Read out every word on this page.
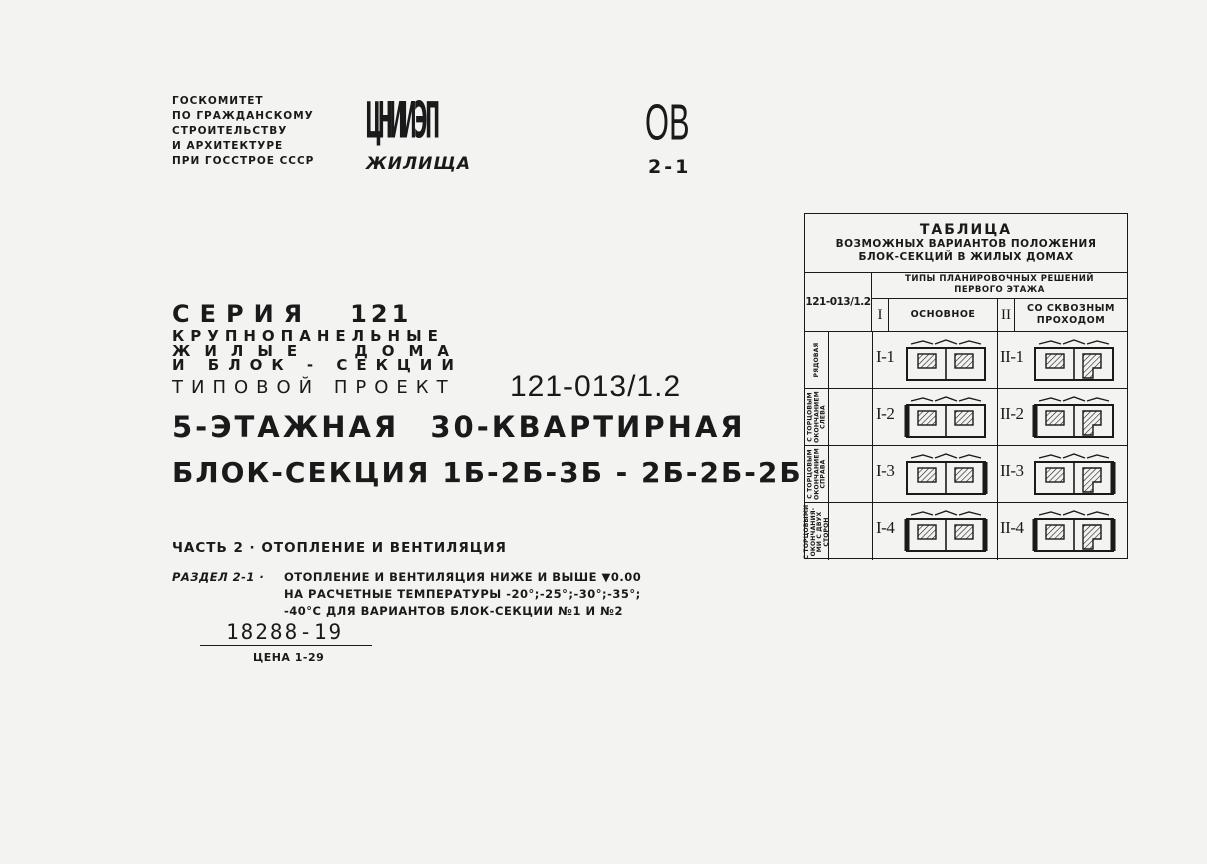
ГОСКОМИТЕТ
ПО ГРАЖДАНСКОМУ
СТРОИТЕЛЬСТВУ
И АРХИТЕКТУРЕ
ПРИ ГОССТРОЕ СССР
ЦНИИЭП
ЖИЛИЩА
ОВ
2-1
СЕРИЯ 121
КРУПНОПАНЕЛЬНЫЕ
ЖИЛЫЕ ДОМА
И БЛОК - СЕКЦИИ
ТИПОВОЙ ПРОЕКТ 121-013/1.2
5-ЭТАЖНАЯ 30-КВАРТИРНАЯ
БЛОК-СЕКЦИЯ 1Б-2Б-3Б - 2Б-2Б-2Б
ЧАСТЬ 2 · ОТОПЛЕНИЕ И ВЕНТИЛЯЦИЯ
РАЗДЕЛ 2-1 · ОТОПЛЕНИЕ И ВЕНТИЛЯЦИЯ НИЖЕ И ВЫШЕ ▼0.00
НА РАСЧЕТНЫЕ ТЕМПЕРАТУРЫ -20°;-25°;-30°;-35°;
-40°С ДЛЯ ВАРИАНТОВ БЛОК-СЕКЦИИ №1 И №2
18288-19
ЦЕНА 1-29
ТАБЛИЦА
ВОЗМОЖНЫХ ВАРИАНТОВ ПОЛОЖЕНИЯ
БЛОК-СЕКЦИЙ В ЖИЛЫХ ДОМАХ
121-013/1.2
ТИПЫ ПЛАНИРОВОЧНЫХ РЕШЕНИЙ
ПЕРВОГО ЭТАЖА
I	ОСНОВНОЕ	II	СО СКВОЗНЫМ ПРОХОДОМ
РЯДОВАЯ	I-1	II-1
С ТОРЦОВЫМ
ОКОНЧАНИЕМ
СЛЕВА	I-2	II-2
С ТОРЦОВЫМ
ОКОНЧАНИЕМ
СПРАВА	I-3	II-3
С ТОРЦОВЫМИ
ОКОНЧАНИЯ-
МИ С ДВУХ
СТОРОН	I-4	II-4
